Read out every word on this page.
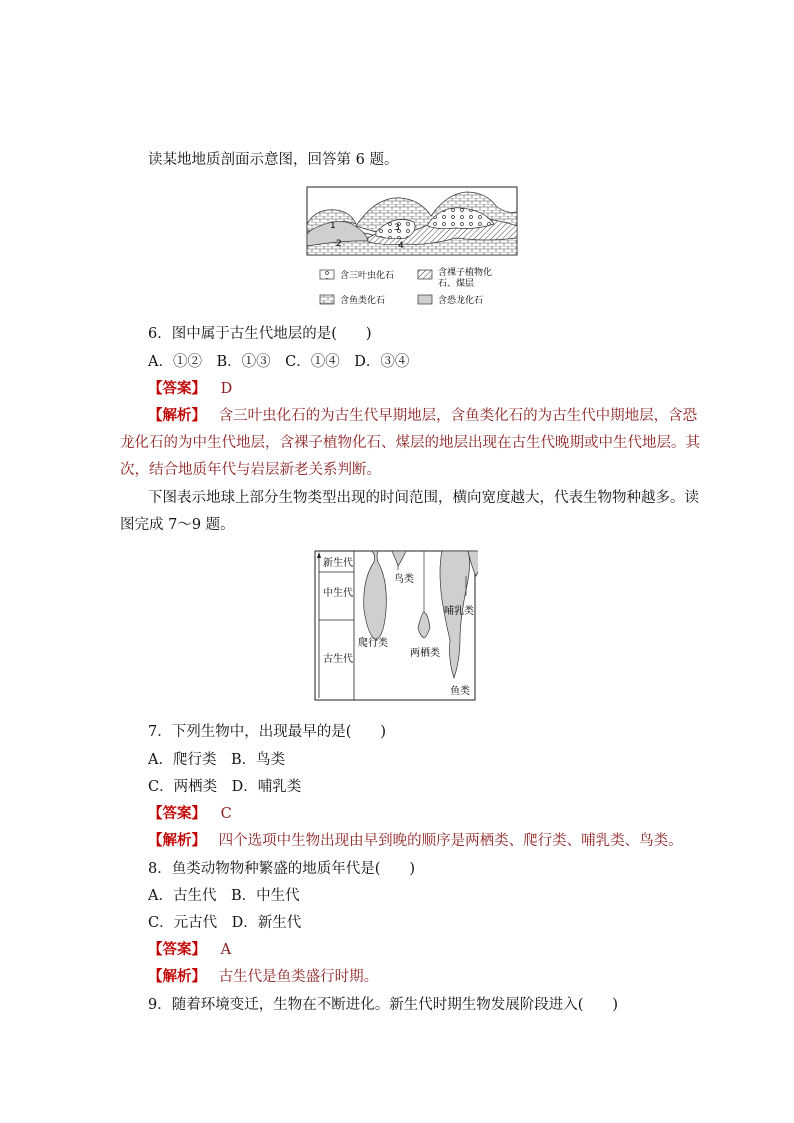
读某地地质剖面示意图，回答第 6 题。
1
2
3
4
含三叶虫化石	含裸子植物化
石、煤层
含鱼类化石	含恐龙化石
6．图中属于古生代地层的是(　　)
A．①②　B．①③　C．①④　D．③④
【答案】 D
【解析】 含三叶虫化石的为古生代早期地层，含鱼类化石的为古生代中期地层，含恐
龙化石的为中生代地层，含裸子植物化石、煤层的地层出现在古生代晚期或中生代地层。其
次，结合地质年代与岩层新老关系判断。
下图表示地球上部分生物类型出现的时间范围，横向宽度越大，代表生物物种越多。读
图完成 7～9 题。
新生代
中生代
古生代
鸟类
哺乳类
爬行类
两栖类
鱼类
7．下列生物中，出现最早的是(　　)
A．爬行类　B．鸟类
C．两栖类　D．哺乳类
【答案】 C
【解析】 四个选项中生物出现由早到晚的顺序是两栖类、爬行类、哺乳类、鸟类。
8．鱼类动物物种繁盛的地质年代是(　　)
A．古生代　B．中生代
C．元古代　D．新生代
【答案】 A
【解析】 古生代是鱼类盛行时期。
9．随着环境变迁，生物在不断进化。新生代时期生物发展阶段进入(　　)
